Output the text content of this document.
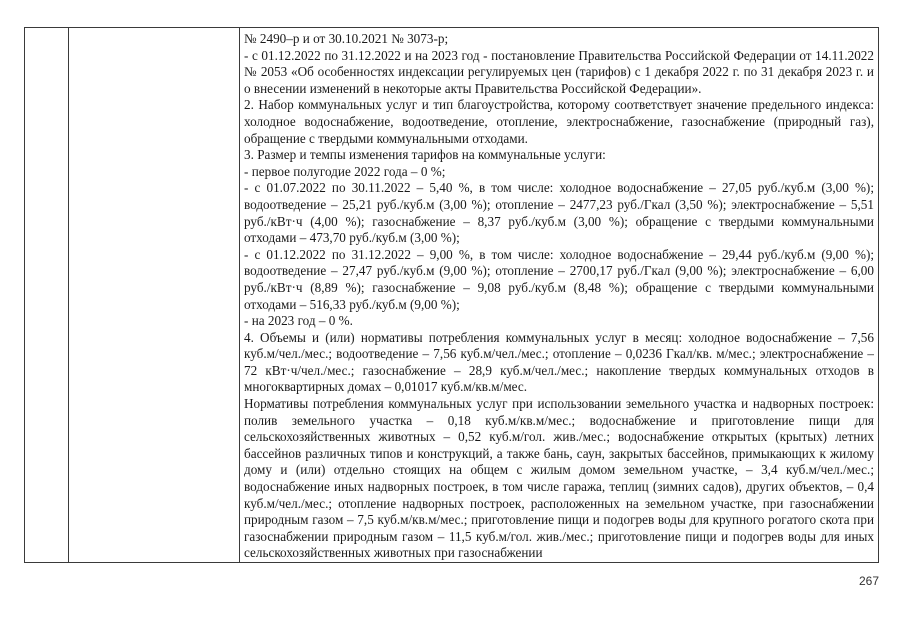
№ 2490–р и от 30.10.2021 № 3073-р;

- с 01.12.2022 по 31.12.2022 и на 2023 год - постановление Правительства Российской Федерации от 14.11.2022 № 2053 «Об особенностях индексации регулируемых цен (тарифов) с 1 декабря 2022 г. по 31 декабря 2023 г. и о внесении изменений в некоторые акты Правительства Российской Федерации».

2. Набор коммунальных услуг и тип благоустройства, которому соответствует значение предельного индекса: холодное водоснабжение, водоотведение, отопление, электроснабжение, газоснабжение (природный газ), обращение с твердыми коммунальными отходами.

3. Размер и темпы изменения тарифов на коммунальные услуги:

- первое полугодие 2022 года – 0 %;

- с 01.07.2022 по 30.11.2022 – 5,40 %, в том числе: холодное водоснабжение – 27,05 руб./куб.м (3,00 %); водоотведение – 25,21 руб./куб.м (3,00 %); отопление – 2477,23 руб./Гкал (3,50 %); электроснабжение – 5,51 руб./кВт·ч (4,00 %); газоснабжение – 8,37 руб./куб.м (3,00 %); обращение с твердыми коммунальными отходами – 473,70 руб./куб.м (3,00 %);

- с 01.12.2022 по 31.12.2022 – 9,00 %, в том числе: холодное водоснабжение – 29,44 руб./куб.м (9,00 %); водоотведение – 27,47 руб./куб.м (9,00 %); отопление – 2700,17 руб./Гкал (9,00 %); электроснабжение – 6,00 руб./кВт·ч (8,89 %); газоснабжение – 9,08 руб./куб.м (8,48 %); обращение с твердыми коммунальными отходами – 516,33 руб./куб.м (9,00 %);

- на 2023 год – 0 %.

4. Объемы и (или) нормативы потребления коммунальных услуг в месяц: холодное водоснабжение – 7,56 куб.м/чел./мес.; водоотведение – 7,56 куб.м/чел./мес.; отопление – 0,0236 Гкал/кв. м/мес.; электроснабжение – 72 кВт·ч/чел./мес.; газоснабжение – 28,9 куб.м/чел./мес.; накопление твердых коммунальных отходов в многоквартирных домах – 0,01017 куб.м/кв.м/мес.

Нормативы потребления коммунальных услуг при использовании земельного участка и надворных построек: полив земельного участка – 0,18 куб.м/кв.м/мес.; водоснабжение и приготовление пищи для сельскохозяйственных животных – 0,52 куб.м/гол. жив./мес.; водоснабжение открытых (крытых) летних бассейнов различных типов и конструкций, а также бань, саун, закрытых бассейнов, примыкающих к жилому дому и (или) отдельно стоящих на общем с жилым домом земельном участке, – 3,4 куб.м/чел./мес.; водоснабжение иных надворных построек, в том числе гаража, теплиц (зимних садов), других объектов, – 0,4 куб.м/чел./мес.; отопление надворных построек, расположенных на земельном участке, при газоснабжении природным газом – 7,5 куб.м/кв.м/мес.; приготовление пищи и подогрев воды для крупного рогатого скота при газоснабжении природным газом – 11,5 куб.м/гол. жив./мес.; приготовление пищи и подогрев воды для иных сельскохозяйственных животных при газоснабжении

267
